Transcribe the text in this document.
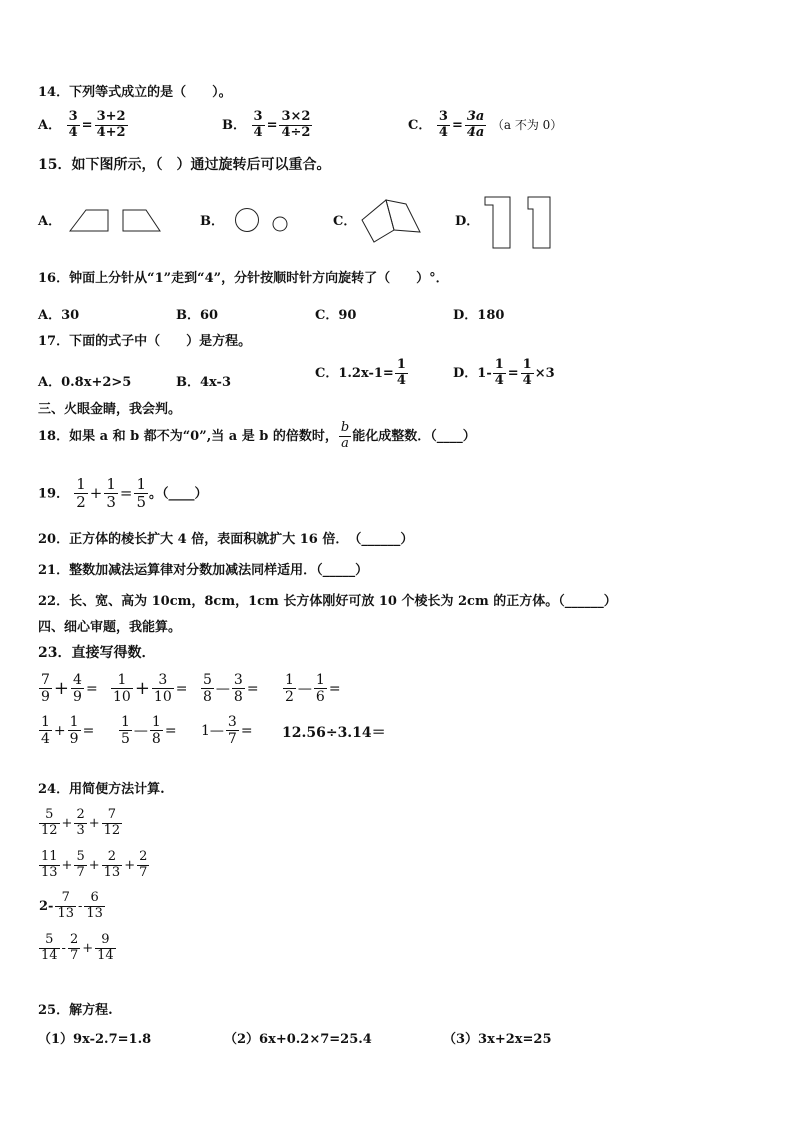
14．下列等式成立的是（　　）。
A． $\frac{3}{4} = \frac{3+2}{4+2}$	B． $\frac{3}{4} = \frac{3\times 2}{4\div 2}$	C． $\frac{3}{4} = \frac{3a}{4a} (a$ 不为 0）
15．如下图所示，（　）通过旋转后可以重合。
A．	B．	C．	D．
16．钟面上分针从“1”走到“4”，分针按顺时针方向旋转了（　　）°．
A．30	B．60	C．90	D．180
17．下面的式子中（　　）是方程。
A．0.8x+2>5	B．4x-3
C．$1.2x-1= \frac{1}{4}$	D．$1- \frac{1}{4} = \frac{1}{4} \times 3$
三、火眼金睛，我会判。
18．如果 a 和 b 都不为“0”,当 a 是 b 的倍数时， $\frac{b}{a}$ 能化成整数．（____）
19． $\frac{1}{2} + \frac{1}{3} = \frac{1}{5}$ 。（____）
20．正方体的棱长扩大 4 倍，表面积就扩大 16 倍．　（______）
21．整数加减法运算律对分数加减法同样适用．（_____）
22．长、宽、高为 10cm，8cm，1cm 长方体刚好可放 10 个棱长为 2cm 的正方体。（______）
四、细心审题，我能算。
23．直接写得数．
$\frac{7}{9} + \frac{4}{9} = \frac{1}{10} + \frac{3}{10} = \frac{5}{8}$ — $\frac{3}{8} = \frac{1}{2}$ — $\frac{1}{6}$ =
$\frac{1}{4} + \frac{1}{9} = \frac{1}{5}$ — $\frac{1}{8}$ = 1— $\frac{3}{7} = 12.56\div 3.14=$
24．用简便方法计算.
$\frac{5}{12} + \frac{2}{3} + \frac{7}{12}$
$\frac{11}{13} + \frac{5}{7} + \frac{2}{13} + \frac{2}{7}$
$2- \frac{7}{13} - \frac{6}{13}$
$\frac{5}{14} - \frac{2}{7} + \frac{9}{14}$
25．解方程.
（1）9x-2.7=1.8	（2）6x+0.2×7=25.4	（3）3x+2x=25
